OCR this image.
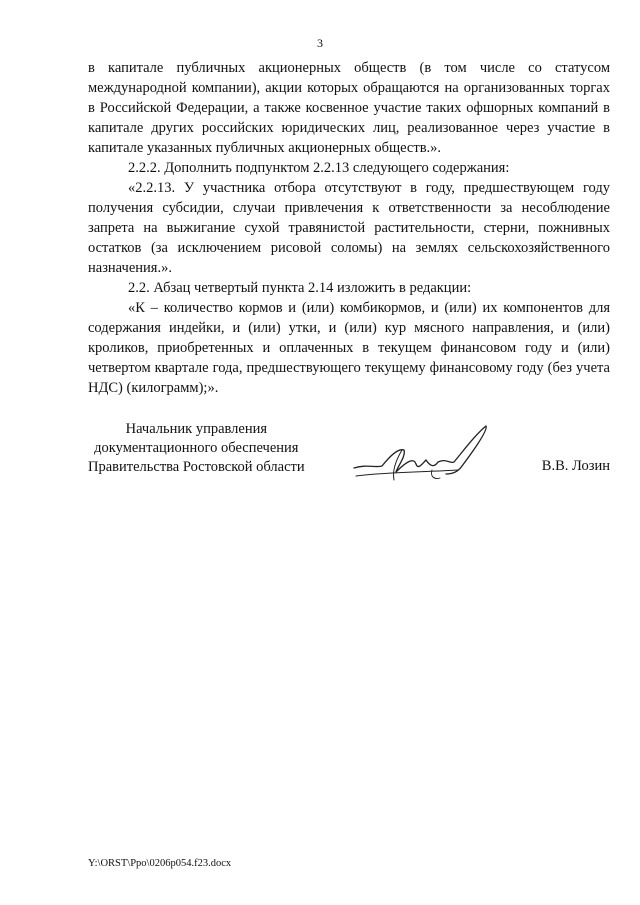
3

в капитале публичных акционерных обществ (в том числе со статусом международной компании), акции которых обращаются на организованных торгах в Российской Федерации, а также косвенное участие таких офшорных компаний в капитале других российских юридических лиц, реализованное через участие в капитале указанных публичных акционерных обществ.».

2.2.2. Дополнить подпунктом 2.2.13 следующего содержания:

«2.2.13. У участника отбора отсутствуют в году, предшествующем году получения субсидии, случаи привлечения к ответственности за несоблюдение запрета на выжигание сухой травянистой растительности, стерни, пожнивных остатков (за исключением рисовой соломы) на землях сельскохозяйственного назначения.».

2.2. Абзац четвертый пункта 2.14 изложить в редакции:

«К – количество кормов и (или) комбикормов, и (или) их компонентов для содержания индейки, и (или) утки, и (или) кур мясного направления, и (или) кроликов, приобретенных и оплаченных в текущем финансовом году и (или) четвертом квартале года, предшествующего текущему финансовому году (без учета НДС) (килограмм);».

Начальник управления
документационного обеспечения
Правительства Ростовской области	В.В. Лозин
Y:\ORST\Ppo\0206p054.f23.docx
